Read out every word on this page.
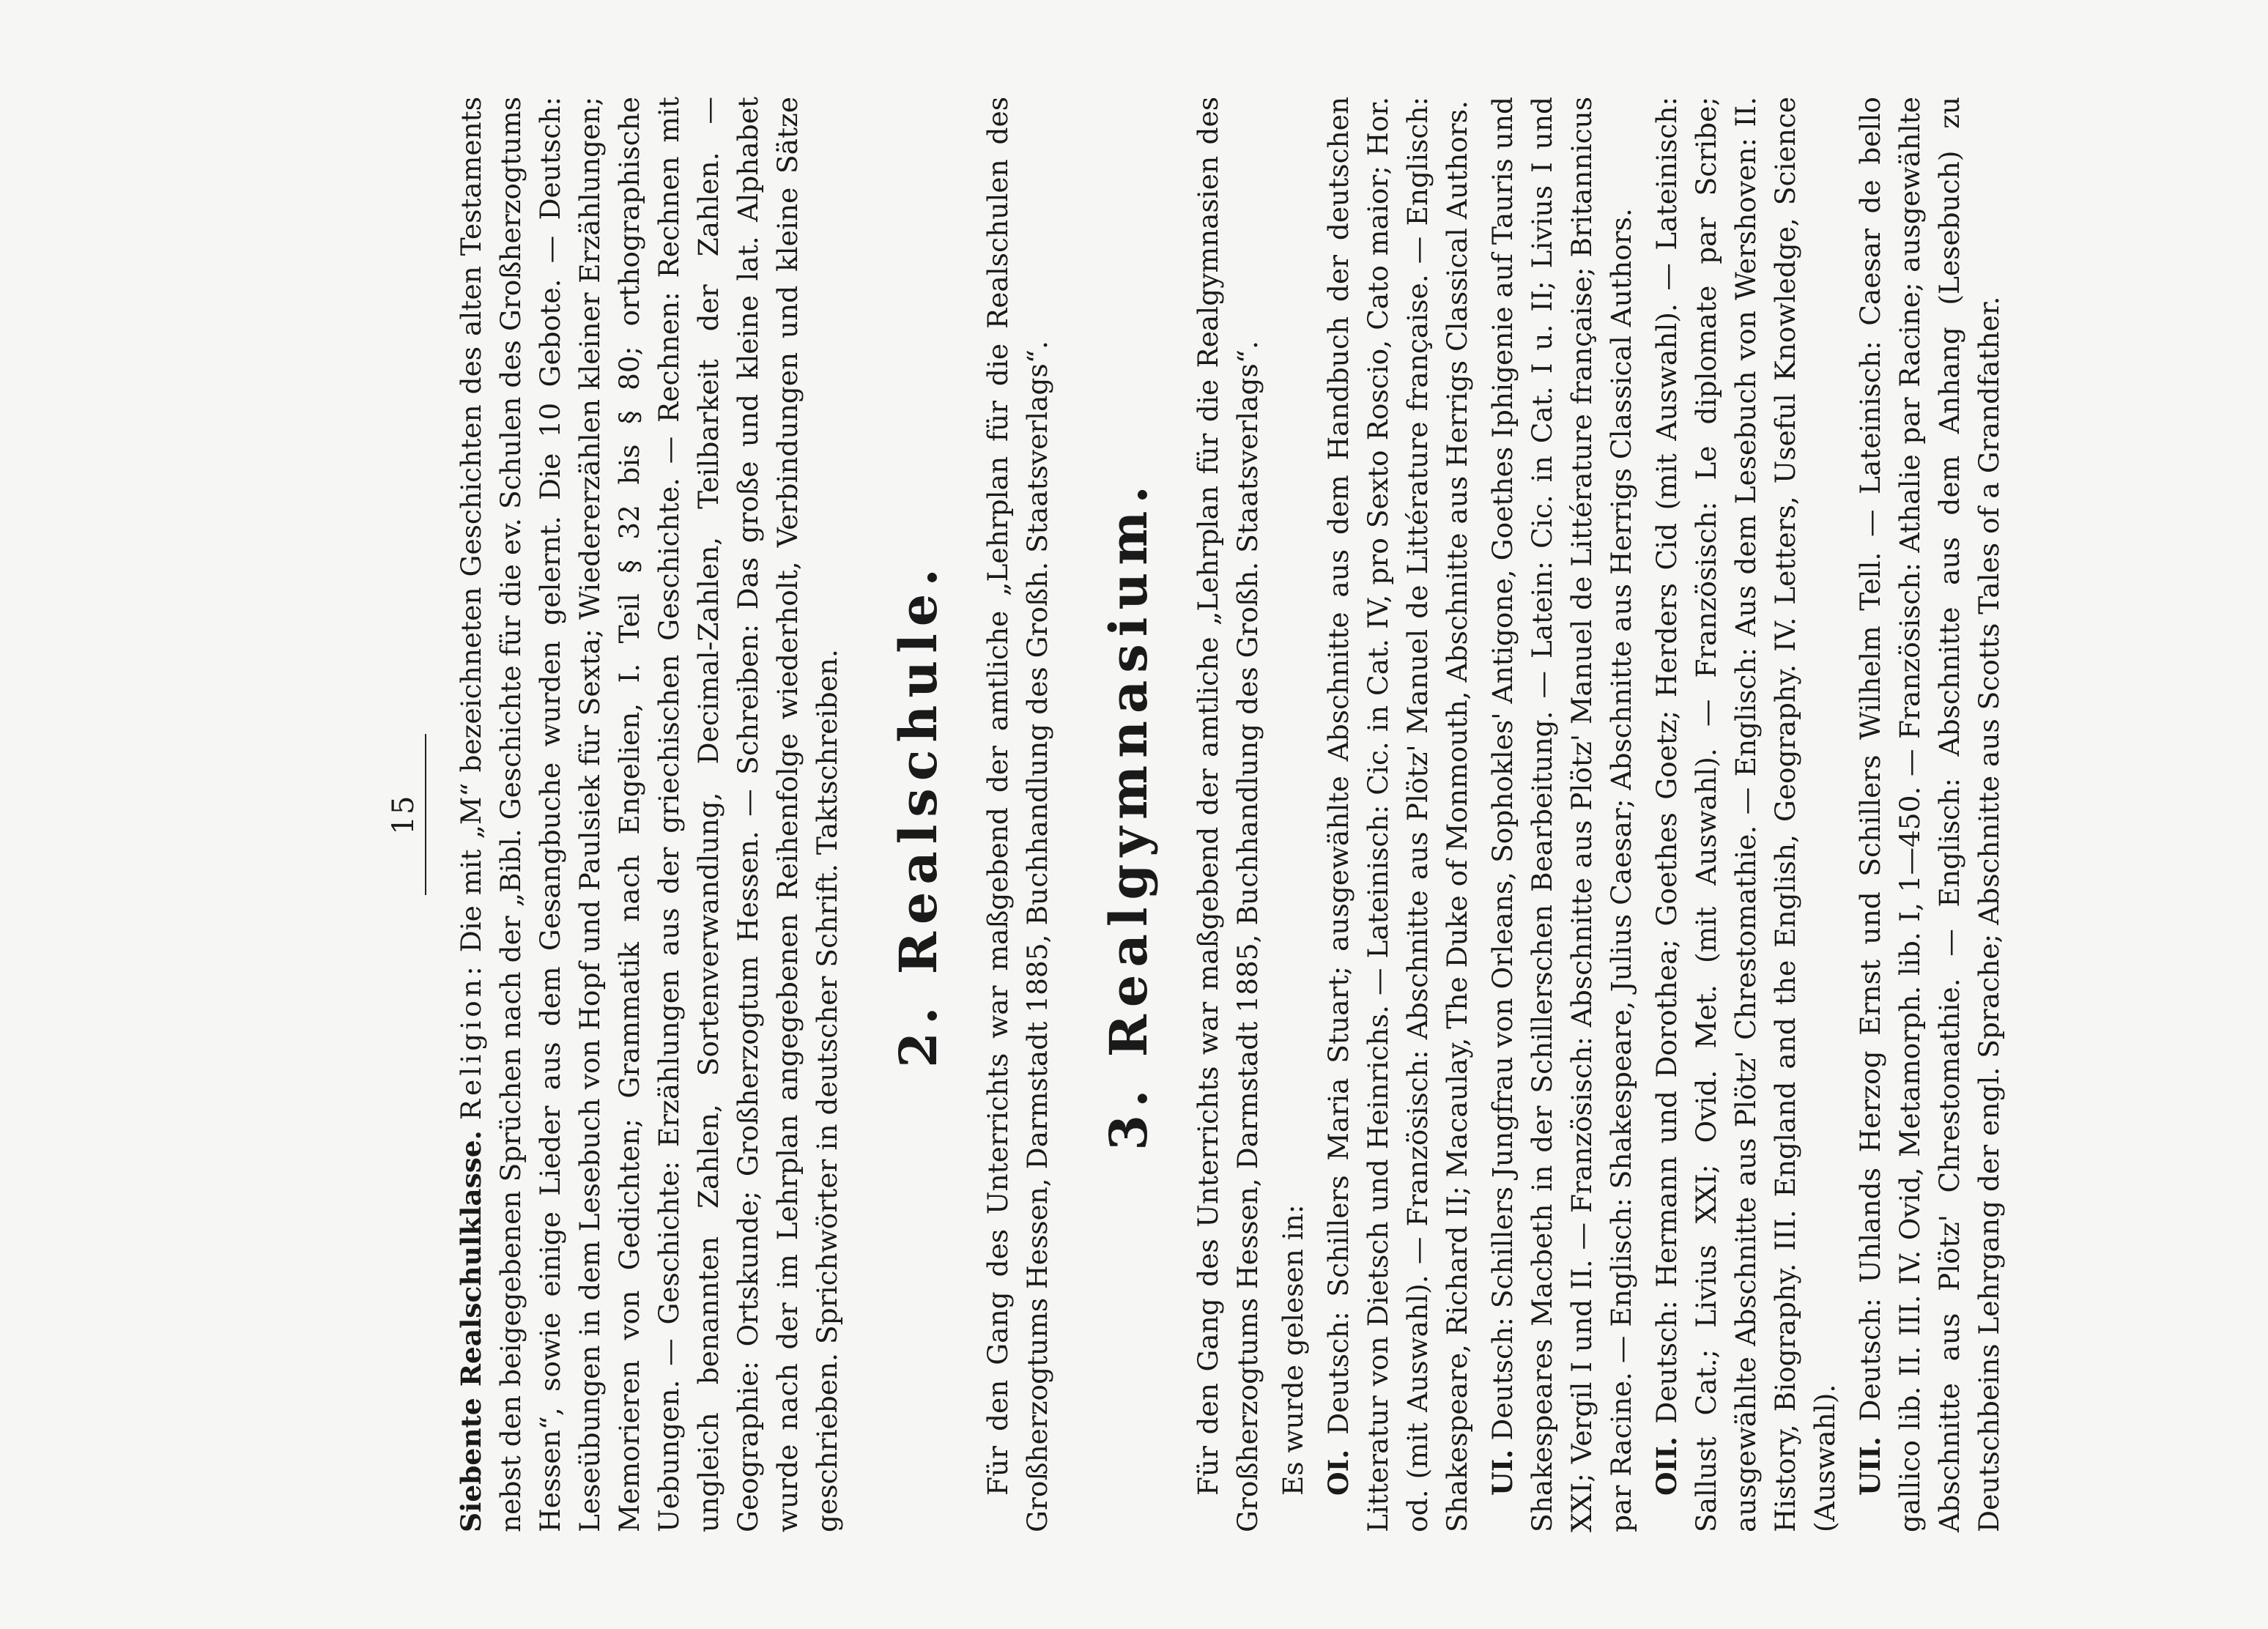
15

Siebente Realschulklasse. Religion: Die mit „M“ bezeichneten Geschichten des alten Testaments nebst den beigegebenen Sprüchen nach der „Bibl. Geschichte für die ev. Schulen des Großherzogtums Hessen“, sowie einige Lieder aus dem Gesangbuche wurden gelernt. Die 10 Gebote. — Deutsch: Leseübungen in dem Lesebuch von Hopf und Paulsiek für Sexta; Wiedererzählen kleiner Erzählungen; Memorieren von Gedichten; Grammatik nach Engelien, I. Teil § 32 bis § 80; orthographische Uebungen. — Geschichte: Erzählungen aus der griechischen Geschichte. — Rechnen: Rechnen mit ungleich benannten Zahlen, Sortenverwandlung, Decimal-Zahlen, Teilbarkeit der Zahlen. — Geographie: Ortskunde; Großherzogtum Hessen. — Schreiben: Das große und kleine lat. Alphabet wurde nach der im Lehrplan angegebenen Reihenfolge wiederholt, Verbindungen und kleine Sätze geschrieben. Sprichwörter in deutscher Schrift. Taktschreiben. 2. Realschule. Für den Gang des Unterrichts war maßgebend der amtliche „Lehrplan für die Realschulen des Großherzogtums Hessen, Darmstadt 1885, Buchhandlung des Großh. Staatsverlags“. 3. Realgymnasium. Für den Gang des Unterrichts war maßgebend der amtliche „Lehrplan für die Realgymnasien des Großherzogtums Hessen, Darmstadt 1885, Buchhandlung des Großh. Staatsverlags“. Es wurde gelesen in: OI. Deutsch: Schillers Maria Stuart; ausgewählte Abschnitte aus dem Handbuch der deutschen Litteratur von Dietsch und Heinrichs. — Lateinisch: Cic. in Cat. IV, pro Sexto Roscio, Cato maior; Hor. od. (mit Auswahl). — Französisch: Abschnitte aus Plötz' Manuel de Littérature française. — Englisch: Shakespeare, Richard II; Macaulay, The Duke of Monmouth, Abschnitte aus Herrigs Classical Authors. UI. Deutsch: Schillers Jungfrau von Orleans, Sophokles' Antigone, Goethes Iphigenie auf Tauris und Shakespeares Macbeth in der Schillerschen Bearbeitung. — Latein: Cic. in Cat. I u. II; Livius I und XXI; Vergil I und II. — Französisch: Abschnitte aus Plötz' Manuel de Littérature française; Britannicus par Racine. — Englisch: Shakespeare, Julius Caesar; Abschnitte aus Herrigs Classical Authors. OII. Deutsch: Hermann und Dorothea; Goethes Goetz; Herders Cid (mit Auswahl). — Lateinisch: Sallust Cat.; Livius XXI; Ovid. Met. (mit Auswahl). — Französisch: Le diplomate par Scribe; ausgewählte Abschnitte aus Plötz' Chrestomathie. — Englisch: Aus dem Lesebuch von Wershoven: II. History, Biography. III. England and the English, Geography. IV. Letters, Useful Knowledge, Science (Auswahl). UII. Deutsch: Uhlands Herzog Ernst und Schillers Wilhelm Tell. — Lateinisch: Caesar de bello gallico lib. II. III. IV. Ovid, Metamorph. lib. I, 1—450. — Französisch: Athalie par Racine; ausgewählte Abschnitte aus Plötz' Chrestomathie. — Englisch: Abschnitte aus dem Anhang (Lesebuch) zu Deutschbeins Lehrgang der engl. Sprache; Abschnitte aus Scotts Tales of a Grandfather.
